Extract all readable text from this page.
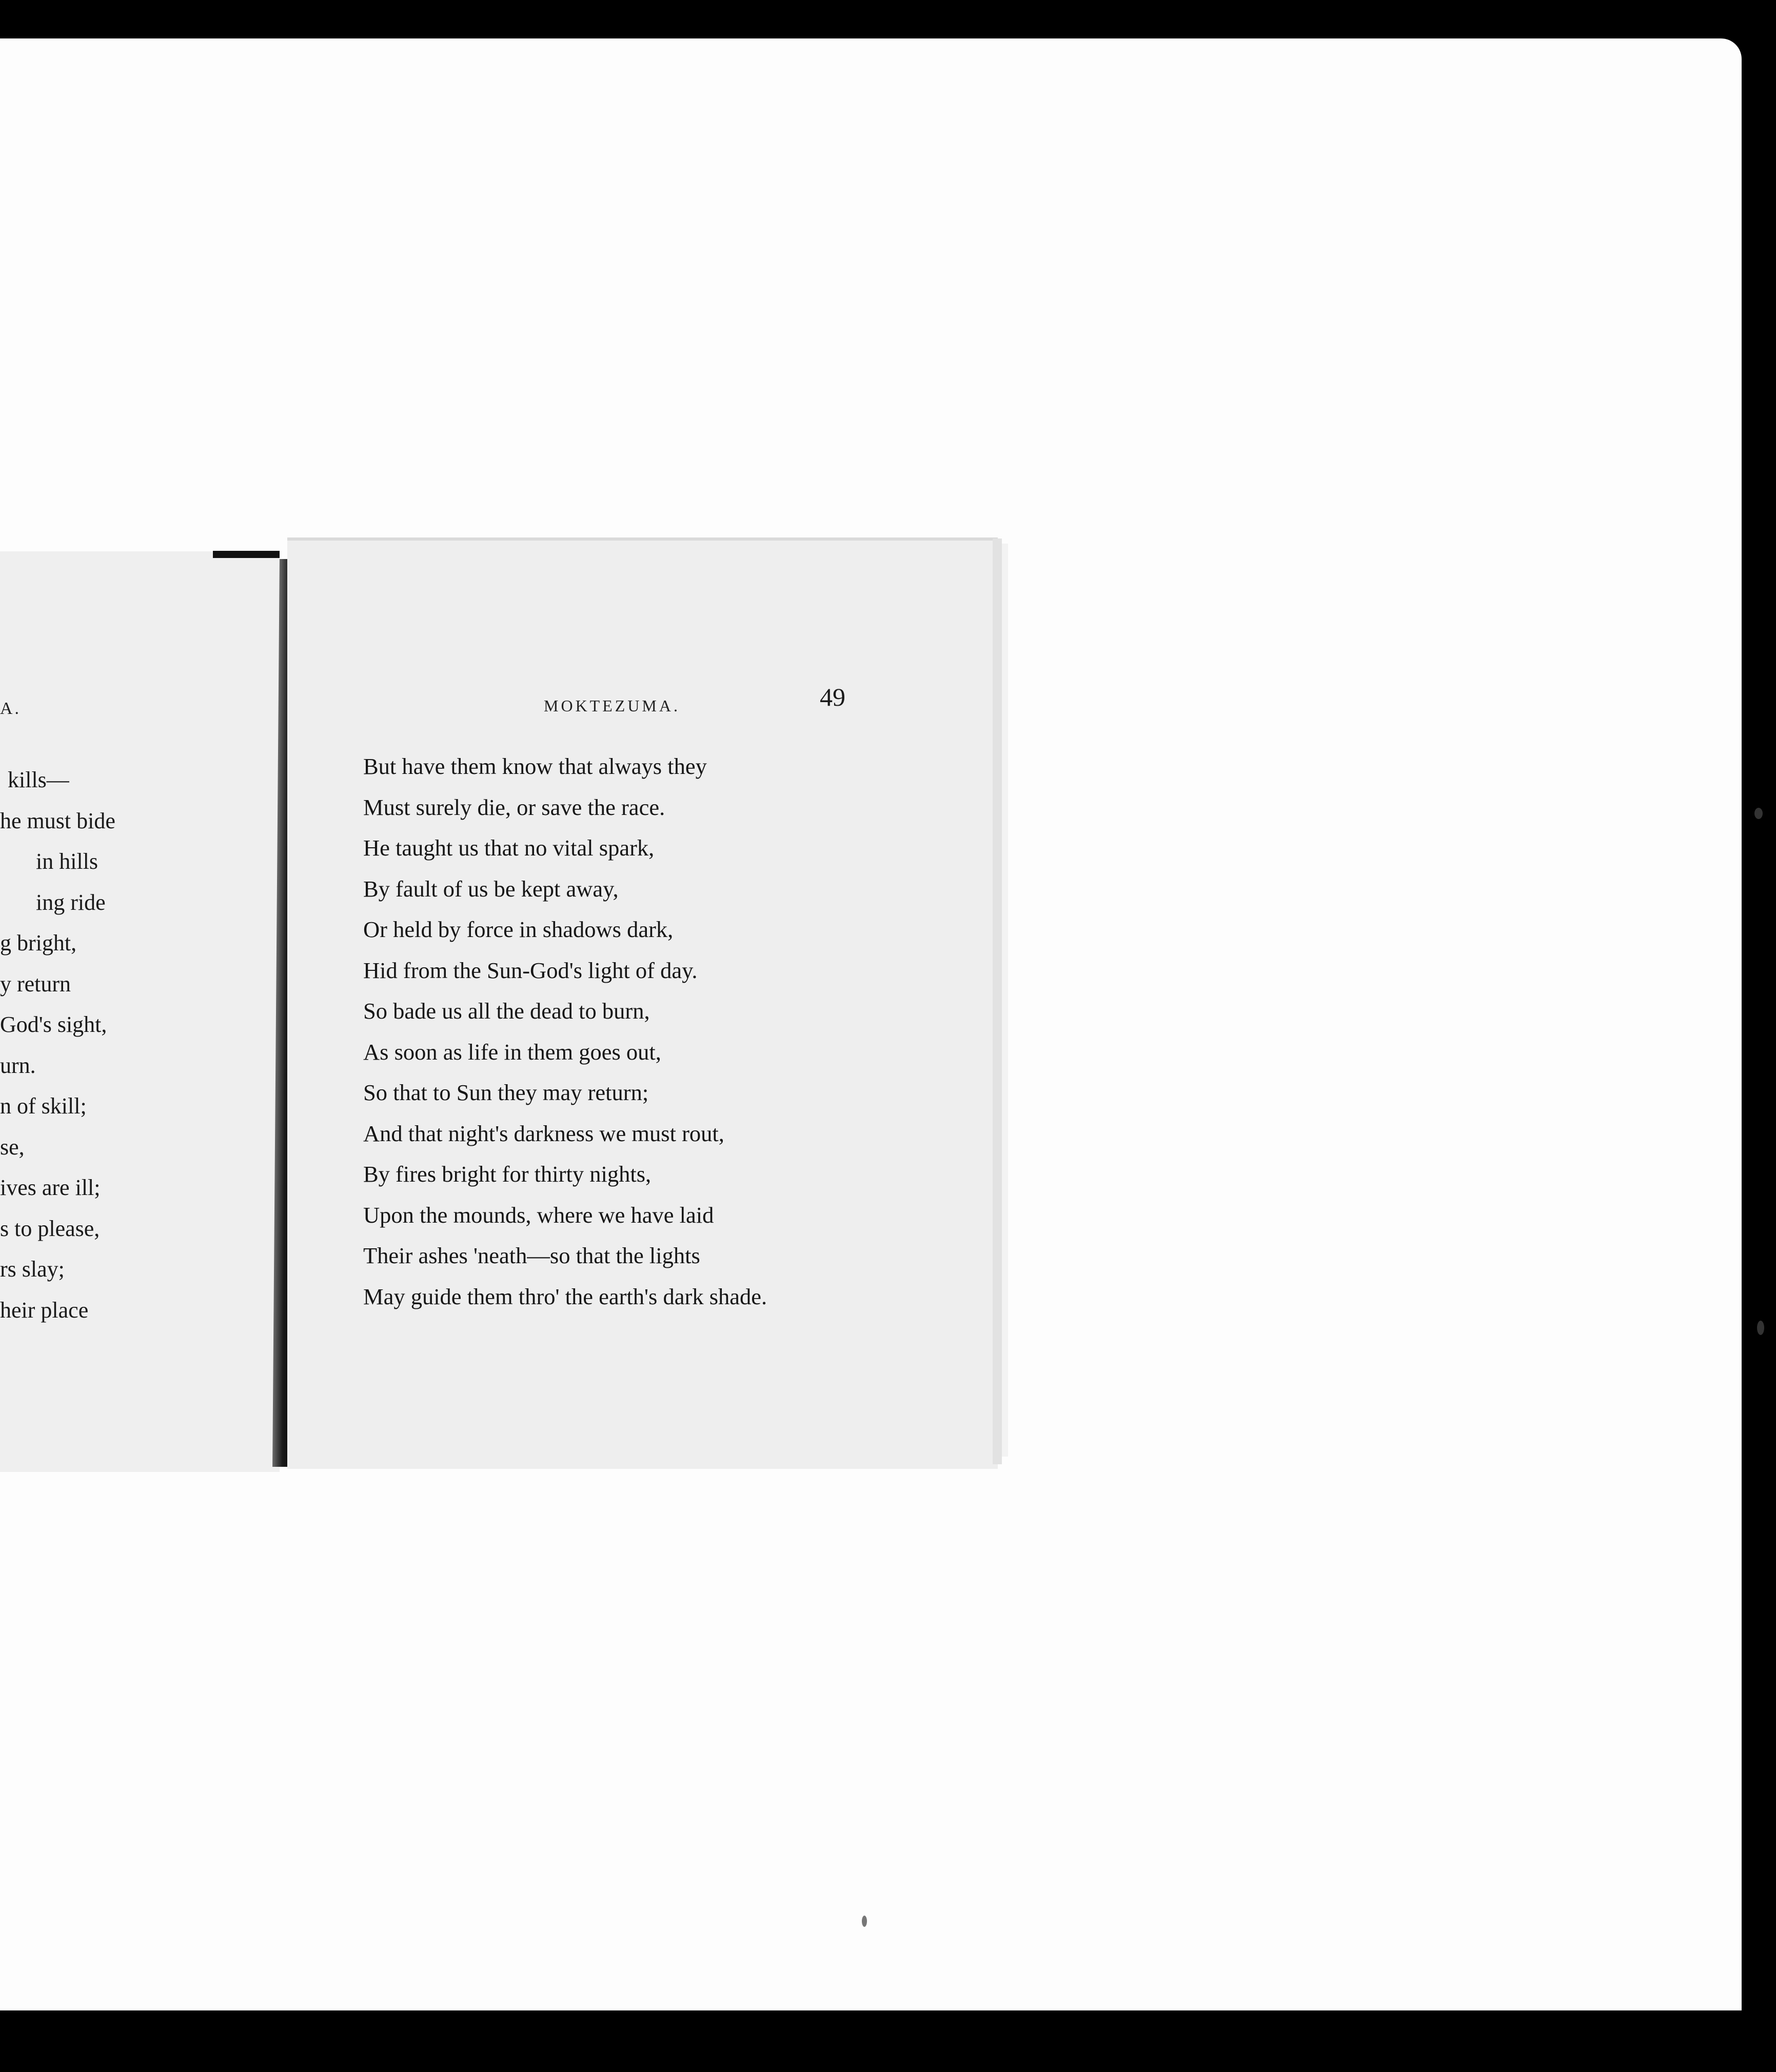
A.
kills—
he must bide
in hills
ing ride
g bright,
y return
God's sight,
urn.
n of skill;
se,
ives are ill;
s to please,
rs slay;
heir place
MOKTEZUMA.	49
But have them know that always they
Must surely die, or save the race.
He taught us that no vital spark,
By fault of us be kept away,
Or held by force in shadows dark,
Hid from the Sun-God's light of day.
So bade us all the dead to burn,
As soon as life in them goes out,
So that to Sun they may return;
And that night's darkness we must rout,
By fires bright for thirty nights,
Upon the mounds, where we have laid
Their ashes 'neath—so that the lights
May guide them thro' the earth's dark shade.
